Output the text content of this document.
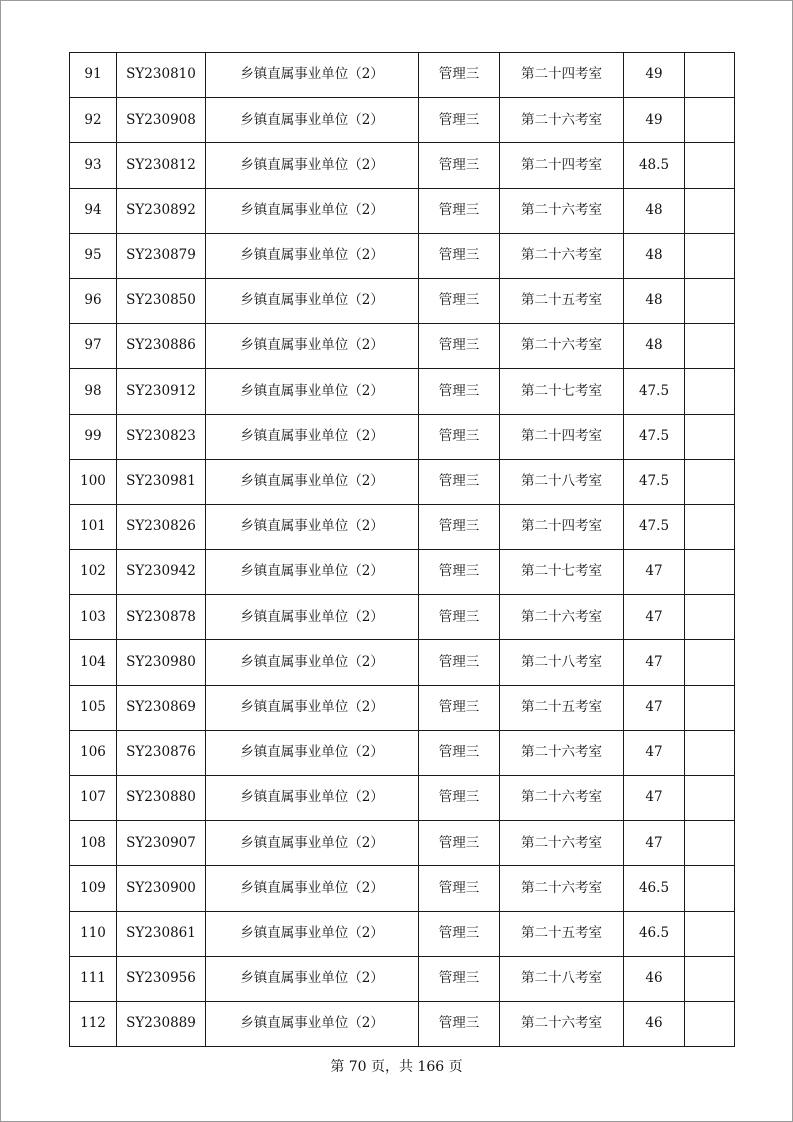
91	SY230810	乡镇直属事业单位（2）	管理三	第二十四考室	49	
92	SY230908	乡镇直属事业单位（2）	管理三	第二十六考室	49	
93	SY230812	乡镇直属事业单位（2）	管理三	第二十四考室	48.5	
94	SY230892	乡镇直属事业单位（2）	管理三	第二十六考室	48	
95	SY230879	乡镇直属事业单位（2）	管理三	第二十六考室	48	
96	SY230850	乡镇直属事业单位（2）	管理三	第二十五考室	48	
97	SY230886	乡镇直属事业单位（2）	管理三	第二十六考室	48	
98	SY230912	乡镇直属事业单位（2）	管理三	第二十七考室	47.5	
99	SY230823	乡镇直属事业单位（2）	管理三	第二十四考室	47.5	
100	SY230981	乡镇直属事业单位（2）	管理三	第二十八考室	47.5	
101	SY230826	乡镇直属事业单位（2）	管理三	第二十四考室	47.5	
102	SY230942	乡镇直属事业单位（2）	管理三	第二十七考室	47	
103	SY230878	乡镇直属事业单位（2）	管理三	第二十六考室	47	
104	SY230980	乡镇直属事业单位（2）	管理三	第二十八考室	47	
105	SY230869	乡镇直属事业单位（2）	管理三	第二十五考室	47	
106	SY230876	乡镇直属事业单位（2）	管理三	第二十六考室	47	
107	SY230880	乡镇直属事业单位（2）	管理三	第二十六考室	47	
108	SY230907	乡镇直属事业单位（2）	管理三	第二十六考室	47	
109	SY230900	乡镇直属事业单位（2）	管理三	第二十六考室	46.5	
110	SY230861	乡镇直属事业单位（2）	管理三	第二十五考室	46.5	
111	SY230956	乡镇直属事业单位（2）	管理三	第二十八考室	46	
112	SY230889	乡镇直属事业单位（2）	管理三	第二十六考室	46	
第 70 页，共 166 页
